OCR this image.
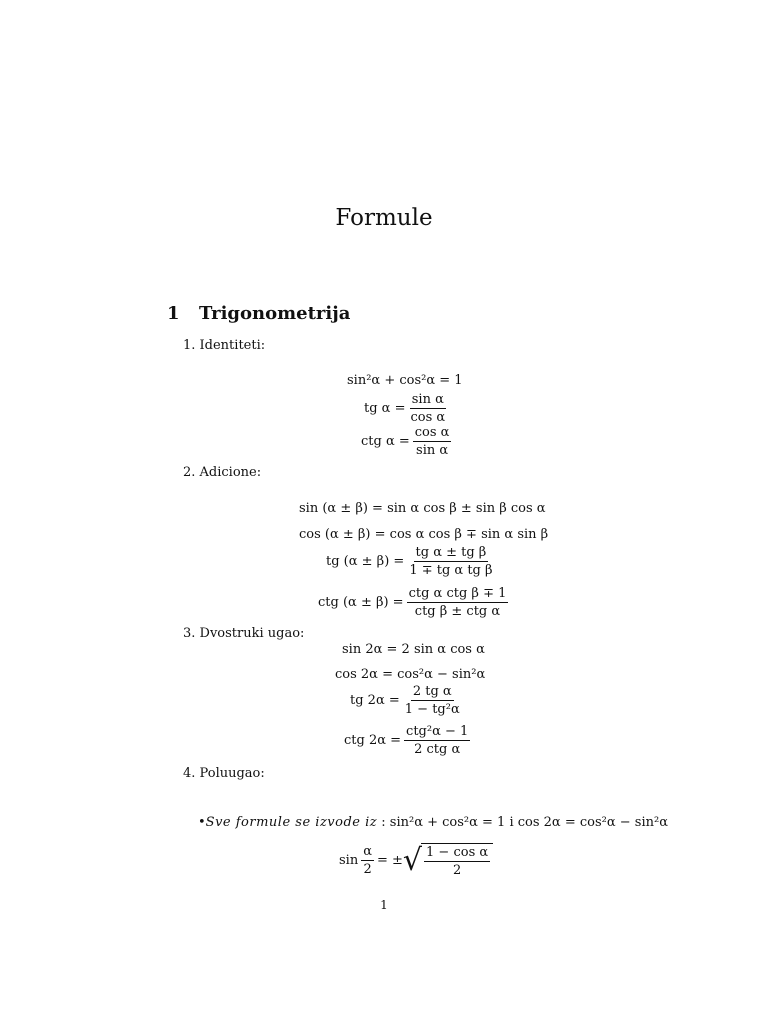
Formule
1 Trigonometrija
1. Identiteti:
sin²α + cos²α = 1
tg $\alpha = \frac{\text{sin α}}{\text{cos α}}$
ctg $\alpha = \frac{\text{cos α}}{\text{sin α}}$
2. Adicione:
sin (α ± β) = sin α cos β ± sin β cos α
cos (α ± β) = cos α cos β ∓ sin α sin β
tg $(\alpha \pm \beta) = \frac{\text{tg α ± tg β}}{\text{1 ∓ tg α tg β}}$
ctg $(\alpha \pm \beta) = \frac{\text{ctg α ctg β ∓ 1}}{\text{ctg β ± ctg α}}$
3. Dvostruki ugao:
sin 2α = 2 sin α cos α
cos 2α = cos²α − sin²α
tg $2\alpha = \frac{\text{2 tg α}}{\text{1 − tg²α}}$
ctg $2\alpha = \frac{\text{ctg²α − 1}}{\text{2 ctg α}}$
4. Poluugao:
•Sve formule se izvode iz : sin²α + cos²α = 1 i cos 2α = cos²α − sin²α
$\sin \frac{\alpha}{2}$ = ± √ $\frac{\text{1 − cos α}}{2}$
1
